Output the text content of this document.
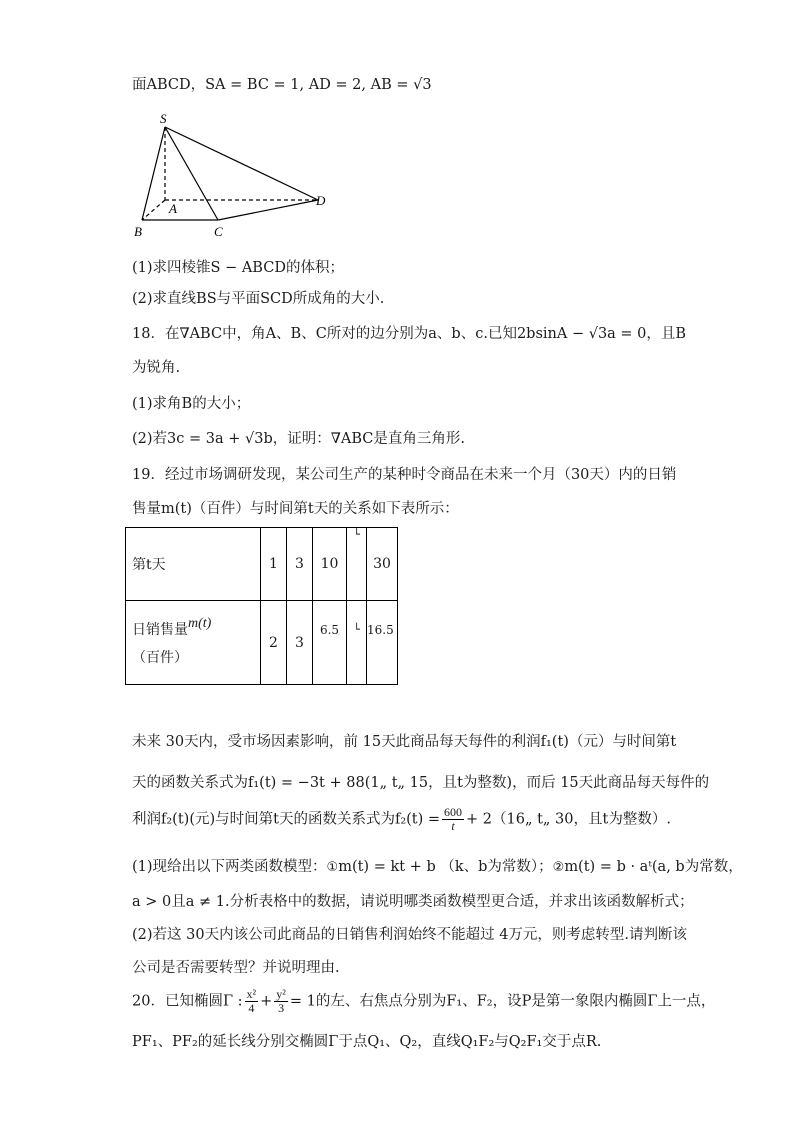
面ABCD，SA = BC = 1, AD = 2, AB = √3
S
A
B	C
D
(1)求四棱锥S − ABCD的体积；
(2)求直线BS与平面SCD所成角的大小.
18．在∇ABC中，角A、B、C所对的边分别为a、b、c.已知2bsinA − √3a = 0，且B
为锐角.
(1)求角B的大小；
(2)若3c = 3a + √3b，证明：∇ABC是直角三角形.
19．经过市场调研发现，某公司生产的某种时令商品在未来一个月（30天）内的日销
售量m(t)（百件）与时间第t天的关系如下表所示：
第t天	1	3	10	└	30

日销售量m(t)
（百件）	2	3	6.5	└	16.5
未来 30天内，受市场因素影响，前 15天此商品每天每件的利润f₁(t)（元）与时间第t
天的函数关系式为f₁(t) = −3t + 88(1„ t„ 15，且t为整数)，而后 15天此商品每天每件的
利润f₂(t)(元)与时间第t天的函数关系式为$f_2(t) = \frac{600}{t}$ + 2（16„ t„ 30，且t为整数）.
(1)现给出以下两类函数模型：①m(t) = kt + b （k、b为常数）；②m(t) = b · aᵗ(a, b为常数，
a > 0且a ≠ 1.分析表格中的数据，请说明哪类函数模型更合适，并求出该函数解析式；
(2)若这 30天内该公司此商品的日销售利润始终不能超过 4万元，则考虑转型.请判断该
公司是否需要转型？并说明理由.
20．已知椭圆Γ : $\frac{\text{x²}}{4} + \frac{\text{y²}}{3} = 1$的左、右焦点分别为F₁、F₂，设P是第一象限内椭圆Γ上一点，
PF₁、PF₂的延长线分别交椭圆Γ于点Q₁、Q₂，直线Q₁F₂与Q₂F₁交于点R.
